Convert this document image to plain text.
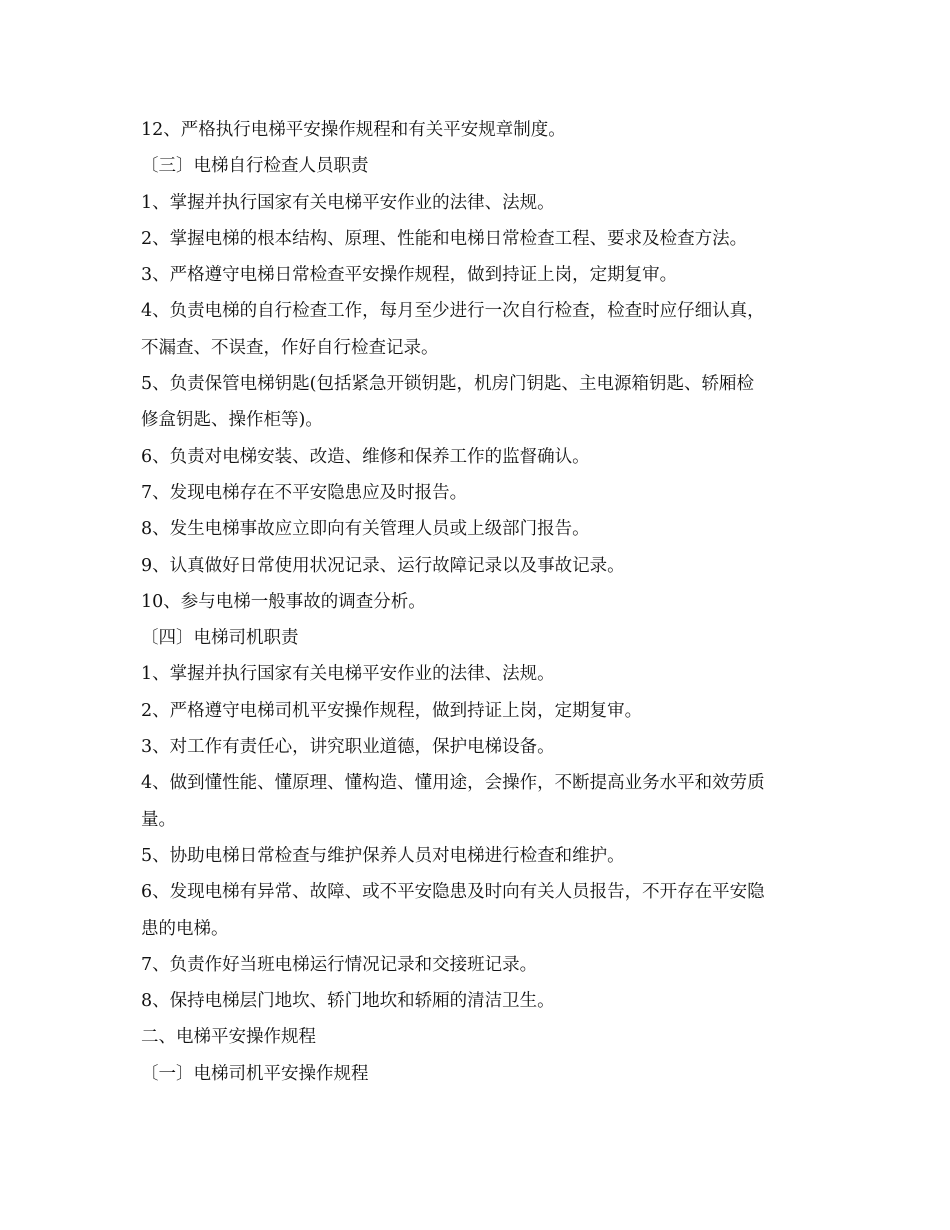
12、严格执行电梯平安操作规程和有关平安规章制度。
〔三〕电梯自行检查人员职责
1、掌握并执行国家有关电梯平安作业的法律、法规。
2、掌握电梯的根本结构、原理、性能和电梯日常检查工程、要求及检查方法。
3、严格遵守电梯日常检查平安操作规程，做到持证上岗，定期复审。
4、负责电梯的自行检查工作，每月至少进行一次自行检查，检查时应仔细认真，
不漏查、不误查，作好自行检查记录。
5、负责保管电梯钥匙(包括紧急开锁钥匙，机房门钥匙、主电源箱钥匙、轿厢检
修盒钥匙、操作柜等)。
6、负责对电梯安装、改造、维修和保养工作的监督确认。
7、发现电梯存在不平安隐患应及时报告。
8、发生电梯事故应立即向有关管理人员或上级部门报告。
9、认真做好日常使用状况记录、运行故障记录以及事故记录。
10、参与电梯一般事故的调查分析。
〔四〕电梯司机职责
1、掌握并执行国家有关电梯平安作业的法律、法规。
2、严格遵守电梯司机平安操作规程，做到持证上岗，定期复审。
3、对工作有责任心，讲究职业道德，保护电梯设备。
4、做到懂性能、懂原理、懂构造、懂用途，会操作，不断提高业务水平和效劳质
量。
5、协助电梯日常检查与维护保养人员对电梯进行检查和维护。
6、发现电梯有异常、故障、或不平安隐患及时向有关人员报告，不开存在平安隐
患的电梯。
7、负责作好当班电梯运行情况记录和交接班记录。
8、保持电梯层门地坎、轿门地坎和轿厢的清洁卫生。
二、电梯平安操作规程
〔一〕电梯司机平安操作规程
